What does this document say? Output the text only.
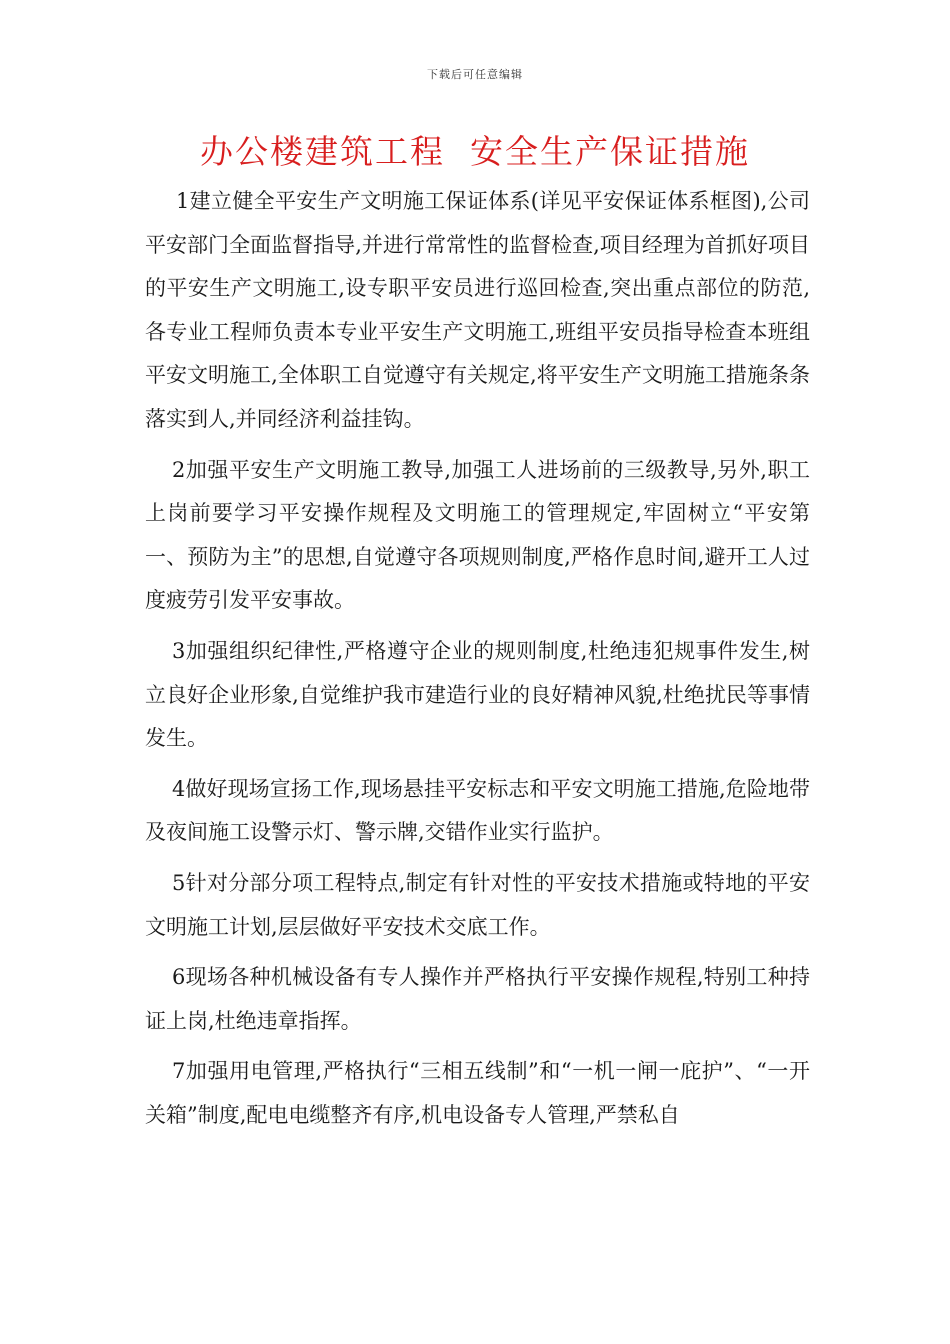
下载后可任意编辑
办公楼建筑工程  安全生产保证措施

1建立健全平安生产文明施工保证体系(详见平安保证体系框图),公司平安部门全面监督指导,并进行常常性的监督检查,项目经理为首抓好项目的平安生产文明施工,设专职平安员进行巡回检查,突出重点部位的防范,各专业工程师负责本专业平安生产文明施工,班组平安员指导检查本班组平安文明施工,全体职工自觉遵守有关规定,将平安生产文明施工措施条条落实到人,并同经济利益挂钩。

2加强平安生产文明施工教导,加强工人进场前的三级教导,另外,职工上岗前要学习平安操作规程及文明施工的管理规定,牢固树立“平安第一、预防为主”的思想,自觉遵守各项规则制度,严格作息时间,避开工人过度疲劳引发平安事故。

3加强组织纪律性,严格遵守企业的规则制度,杜绝违犯规事件发生,树立良好企业形象,自觉维护我市建造行业的良好精神风貌,杜绝扰民等事情发生。

4做好现场宣扬工作,现场悬挂平安标志和平安文明施工措施,危险地带及夜间施工设警示灯、警示牌,交错作业实行监护。

5针对分部分项工程特点,制定有针对性的平安技术措施或特地的平安文明施工计划,层层做好平安技术交底工作。

6现场各种机械设备有专人操作并严格执行平安操作规程,特别工种持证上岗,杜绝违章指挥。

7加强用电管理,严格执行“三相五线制”和“一机一闸一庇护”、“一开关箱”制度,配电电缆整齐有序,机电设备专人管理,严禁私自
